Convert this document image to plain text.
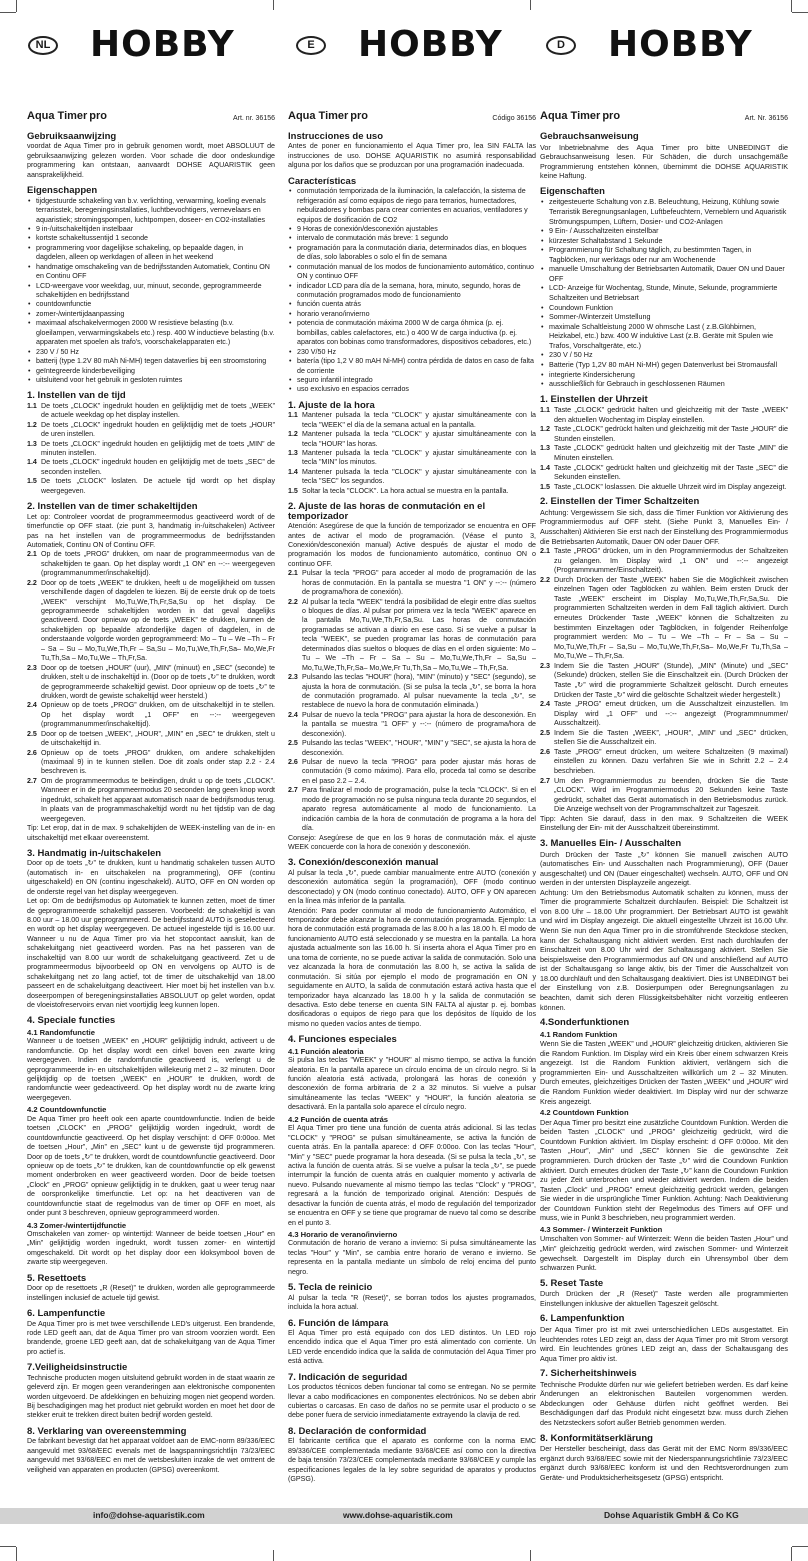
NL HOBBY	E	HOBBY	D	HOBBY
Aqua Timer pro	Art. nr. 36156
Gebruiksaanwijzing

voordat de Aqua Timer pro in gebruik genomen wordt, moet ABSOLUUT de gebruiksaanwijzing gelezen worden. Voor schade die door ondeskundige programmering kan ontstaan, aanvaardt DOHSE AQUARISTIK geen aansprakelijkheid.

Eigenschappen
• tijdgestuurde schakeling van b.v. verlichting, verwarming, koeling evenals terrarisstek, beregeningsinstallaties, luchtbevochtigers, vernevelaars en aquaristiek; stromingspompen, luchtpompen, doseer- en CO2-installaties
• 9 in-/uitschakeltijden instelbaar
• kortste schakeltussentijd 1 seconde
• programmering voor dagelijkse schakeling, op bepaalde dagen, in dagdelen, alleen op werkdagen of alleen in het weekend
• handmatige omschakeling van de bedrijfsstanden Automatiek, Continu ON en Continu OFF
• LCD-weergave voor weekdag, uur, minuut, seconde, geprogrammeerde schakeltijden en bedrijfsstand
• countdownfunctie
• zomer-/wintertijdaanpassing
• maximaal afschakelvermogen 2000 W resistieve belasting (b.v. gloeilampen, verwarmingskabels etc.) resp. 400 W inductieve belasting (b.v. apparaten met spoelen als trafo's, voorschakelapparaten etc.)
• 230 V / 50 Hz
• batterij (type 1.2V 80 mAh Ni-MH) tegen dataverlies bij een stroomstoring
• geïntegreerde kinderbeveiliging
• uitsluitend voor het gebruik in gesloten ruimtes
1. Instellen van de tijd
1.1 De toets „CLOCK” ingedrukt houden en gelijktijdig met de toets „WEEK” de actuele weekdag op het display instellen.
1.2 De toets „CLOCK” ingedrukt houden en gelijktijdig met de toets „HOUR” de uren instellen.
1.3 De toets „CLOCK” ingedrukt houden en gelijktijdig met de toets „MIN” de minuten instellen.
1.4 De toets „CLOCK” ingedrukt houden en gelijktijdig met de toets „SEC” de seconden instellen.
1.5 De toets „CLOCK” loslaten. De actuele tijd wordt op het display weergegeven.
2. Instellen van de timer schakeltijden

Let op: Controleer voordat de programmeermodus geactiveerd wordt of de timerfunctie op OFF staat. (zie punt 3, handmatig in-/uitschakelen) Activeer pas na het instellen van de programmeermodus de bedrijfsstanden Automatiek, Continu ON of Continu OFF.

2.1 Op de toets „PROG” drukken, om naar de programmeermodus van de schakeltijden te gaan. Op het display wordt „1 ON” en --:-- weergegeven (programmanummer/inschakeltijd).
2.2 Door op de toets „WEEK” te drukken, heeft u de mogelijkheid om tussen verschillende dagen of dagdelen te kiezen. Bij de eerste druk op de toets „WEEK” verschijnt Mo,Tu,We,Th,Fr,Sa,Su op het display. De geprogrammeerde schakeltijden worden in dat geval dagelijks geactiveerd. Door opnieuw op de toets „WEEK” te drukken, kunnen de schakeltijden op bepaalde afzonderlijke dagen of dagdelen, in de onderstaande volgorde worden geprogrammeerd: Mo – Tu – We –Th – Fr – Sa – Su – Mo,Tu,We,Th,Fr – Sa,Su – Mo,Tu,We,Th,Fr,Sa– Mo,We,Fr Tu,Th,Sa – Mo,Tu,We – Th,Fr,Sa.
2.3 Door op de toetsen „HOUR” (uur), „MIN” (minuut) en „SEC” (seconde) te drukken, stelt u de inschakeltijd in. (Door op de toets „↻” te drukken, wordt de geprogrammeerde schakeltijd gewist. Door opnieuw op de toets „↻” te drukken, wordt de gewiste schakeltijd weer hersteld.)
2.4 Opnieuw op de toets „PROG” drukken, om de uitschakeltijd in te stellen. Op het display wordt „1 OFF” en --:-- weergegeven (programmanummer/inschakeltijd).
2.5 Door op de toetsen „WEEK”, „HOUR”, „MIN” en „SEC” te drukken, stelt u de uitschakeltijd in.
2.6 Opnieuw op de toets „PROG” drukken, om andere schakeltijden (maximaal 9) in te kunnen stellen. Doe dit zoals onder stap 2.2 - 2.4 beschreven is.
2.7 Om de programmeermodus te beëindigen, drukt u op de toets „CLOCK”. Wanneer er in de programmeermodus 20 seconden lang geen knop wordt ingedrukt, schakelt het apparaat automatisch naar de bedrijfsmodus terug. In plaats van de programmaschakeltijd wordt nu het tijdstip van de dag weergegeven.

Tip: Let erop, dat in de max. 9 schakeltijden de WEEK-instelling van de in- en uitschakeltijd met elkaar overeenstemt.

3. Handmatig in-/uitschakelen

Door op de toets „↻” te drukken, kunt u handmatig schakelen tussen AUTO (automatisch in- en uitschakelen na programmering), OFF (continu uitgeschakeld) en ON (continu ingeschakeld). AUTO, OFF en ON worden op de onderste regel van het display weergegeven.

Let op: Om de bedrijfsmodus op Automatiek te kunnen zetten, moet de timer de geprogrammeerde schakeltijd passeren. Voorbeeld: de schakeltijd is van 8.00 uur – 18.00 uur geprogrammeerd. De bedrijfsstand AUTO is geselecteerd en wordt op het display weergegeven. De actueel ingestelde tijd is 16.00 uur. Wanneer u nu de Aqua Timer pro via het stopcontact aansluit, kan de schakeluitgang niet geactiveerd worden. Pas na het passeren van de inschakeltijd van 8.00 uur wordt de schakeluitgang geactiveerd. Zet u de programmeermodus bijvoorbeeld op ON en vervolgens op AUTO is de schakeluitgang net zo lang actief, tot de timer de uitschakeltijd van 18.00 passeert en de schakeluitgang deactiveert. Hier moet bij het instellen van b.v. doseerpompen of beregeningsinstallaties ABSOLUUT op gelet worden, opdat de vloeistofreservoirs ervan niet voortijdig leeg kunnen lopen.

4. Speciale functies
4.1 Randomfunctie

Wanneer u de toetsen „WEEK” en „HOUR” gelijktijdig indrukt, activeert u de randomfunctie. Op het display wordt een cirkel boven een zwarte kring weergegeven. Indien de randomfunctie geactiveerd is, verlengt u de geprogrammeerde in- en uitschakeltijden willekeurig met 2 – 32 minuten. Door gelijktijdig op de toetsen „WEEK” en „HOUR” te drukken, wordt de randomfunctie weer gedeactiveerd. Op het display wordt nu de zwarte kring weergegeven.

4.2 Countdownfunctie

De Aqua Timer pro heeft ook een aparte countdownfunctie. Indien de beide toetsen „CLOCK” en „PROG” gelijktijdig worden ingedrukt, wordt de countdownfunctie geactiveerd. Op het display verschijnt: d OFF 0:00oo. Met de toetsen „Hour”, „Min” en „SEC” kunt u de gewenste tijd programmeren. Door op de toets „↻” te drukken, wordt de countdownfunctie geactiveerd. Door opnieuw op de toets „↻” te drukken, kan de countdownfunctie op elk gewenst moment onderbroken en weer geactiveerd worden. Door de beide toetsen „Clock” en „PROG” opnieuw gelijktijdig in te drukken, gaat u weer terug naar de oorspronkelijke timerfunctie. Let op: na het deactiveren van de countdownfunctie staat de regelmodus van de timer op OFF en moet, als onder punt 3 beschreven, opnieuw geprogrammeerd worden.

4.3 Zomer-/wintertijdfunctie

Omschakelen van zomer- op wintertijd: Wanneer de beide toetsen „Hour” en „Min” gelijktijdig worden ingedrukt, wordt tussen zomer- en wintertijd omgeschakeld. Dit wordt op het display door een kloksymbool boven de zwarte stip weergegeven.

5. Resettoets

Door op de resettoets „R (Reset)” te drukken, worden alle geprogrammeerde instellingen inclusief de actuele tijd gewist.

6. Lampenfunctie

De Aqua Timer pro is met twee verschillende LED's uitgerust. Een brandende, rode LED geeft aan, dat de Aqua Timer pro van stroom voorzien wordt. Een brandende, groene LED geeft aan, dat de schakeluitgang van de Aqua Timer pro actief is.

7.Veiligheidsinstructie

Technische producten mogen uitsluitend gebruikt worden in de staat waarin ze geleverd zijn. Er mogen geen veranderingen aan elektronische componenten worden uitgevoerd. De afdekkingen en behuizing mogen niet geopend worden. Bij beschadigingen mag het product niet gebruikt worden en moet het door de stekker eruit te trekken direct buiten bedrijf worden gesteld.

8. Verklaring van overeenstemming

De fabrikant bevestigt dat het apparaat voldoet aan de EMC-norm 89/336/EEC aangevuld met 93/68/EEC evenals met de laagspanningsrichtlijn 73/23/EEC aangevuld met 93/68/EEC en met de wetsbesluiten inzake de wet omtrent de veiligheid van apparaten en producten (GPSG) overeenkomt.

Aqua Timer pro	Código 36156
Instrucciones de uso

Antes de poner en funcionamiento el Aqua Timer pro, lea SIN FALTA las instrucciones de uso. DOHSE AQUARISTIK no asumirá responsabilidad alguna por los daños que se produzcan por una programación inadecuada.

Características
• conmutación temporizada de la iluminación, la calefacción, la sistema de refrigeración así como equipos de riego para terrarios, humectadores, nebulizadores y bombas para crear corrientes en acuarios, ventiladores y equipos de dosificación de CO2
• 9 Horas de conexión/desconexión ajustables
• intervalo de conmutación más breve: 1 segundo
• programación para la conmutación diaria, determinados días, en bloques de días, solo laborables o solo el fin de semana
• conmutación manual de los modos de funcionamiento automático, continuo ON y continuo OFF
• indicador LCD para día de la semana, hora, minuto, segundo, horas de conmutación programados modo de funcionamiento
• función cuenta atrás
• horario verano/invierno
• potencia de conmutación máxima 2000 W de carga óhmica (p. ej. bombillas, cables calefactores, etc.) o 400 W de carga inductiva (p. ej. aparatos con bobinas como transformadores, dispositivos cebadores, etc.)
• 230 V/50 Hz
• batería (tipo 1,2 V 80 mAH Ni-MH) contra pérdida de datos en caso de falta de corriente
• seguro infantil integrado
• uso exclusivo en espacios cerrados
1. Ajuste de la hora
1.1 Mantener pulsada la tecla "CLOCK" y ajustar simultáneamente con la tecla "WEEK" el día de la semana actual en la pantalla.
1.2 Mantener pulsada la tecla "CLOCK" y ajustar simultáneamente con la tecla "HOUR" las horas.
1.3 Mantener pulsada la tecla "CLOCK" y ajustar simultáneamente con la tecla "MIN" los minutos.
1.4 Mantener pulsada la tecla "CLOCK" y ajustar simultáneamente con la tecla "SEC" los segundos.
1.5 Soltar la tecla "CLOCK". La hora actual se muestra en la pantalla.
2. Ajuste de las horas de conmutación en el temporizador

Atención: Asegúrese de que la función de temporizador se encuentra en OFF antes de activar el modo de programación. (Véase el punto 3, Conexión/desconexión manual) Active después de ajustar el modo de programación los modos de funcionamiento automático, continuo ON o continuo OFF.

2.1 Pulsar la tecla "PROG" para acceder al modo de programación de las horas de conmutación. En la pantalla se muestra "1 ON" y --:-- (número de programa/hora de conexión).
2.2 Al pulsar la tecla "WEEK" tendrá la posibilidad de elegir entre días sueltos o bloques de días. Al pulsar por primera vez la tecla "WEEK" aparece en la pantalla Mo,Tu,We,Th,Fr,Sa,Su. Las horas de conmutación programadas se activan a diario en ese caso. Si se vuelve a pulsar la tecla "WEEK", se pueden programar las horas de conmutación para determinados días sueltos o bloques de días en el orden siguiente: Mo – Tu – We –Th – Fr – Sa – Su – Mo,Tu,We,Th,Fr – Sa,Su – Mo,Tu,We,Th,Fr,Sa– Mo,We,Fr Tu,Th,Sa – Mo,Tu,We – Th,Fr,Sa.
2.3 Pulsando las teclas "HOUR" (hora), "MIN" (minuto) y "SEC" (segundo), se ajusta la hora de conmutación. (Si se pulsa la tecla „↻”, se borra la hora de conmutación programado. Al pulsar nuevamente la tecla „↻”, se restablece de nuevo la hora de conmutación eliminada.)
2.4 Pulsar de nuevo la tecla "PROG" para ajustar la hora de desconexión. En la pantalla se muestra "1 OFF" y --:-- (número de programa/hora de desconexión).
2.5 Pulsando las teclas "WEEK", "HOUR", "MIN" y "SEC", se ajusta la hora de desconexión.
2.6 Pulsar de nuevo la tecla "PROG" para poder ajustar más horas de conmutación (9 como máximo). Para ello, proceda tal como se describe en el paso 2.2 – 2.4.
2.7 Para finalizar el modo de programación, pulse la tecla "CLOCK". Si en el modo de programación no se pulsa ninguna tecla durante 20 segundos, el aparato regresa automáticamente al modo de funcionamiento. La indicación cambia de la hora de conmutación de programa a la hora del día.

Consejo: Asegúrese de que en los 9 horas de conmutación máx. el ajuste WEEK concuerde con la hora de conexión y desconexión.

3. Conexión/desconexión manual

Al pulsar la tecla „↻”, puede cambiar manualmente entre AUTO (conexión y desconexión automática según la programación), OFF (modo continuo desconectado) y ON (modo continuo conectado). AUTO, OFF y ON aparecen en la línea más inferior de la pantalla.

Atención: Para poder conmutar al modo de funcionamiento Automático, el temporizador debe alcanzar la hora de conmutación programada. Ejemplo: La hora de conmutación está programada de las 8.00 h a las 18.00 h. El modo de funcionamiento AUTO está seleccionado y se muestra en la pantalla. La hora ajustada actualmente son las 16.00 h. Si inserta ahora el Aqua Timer pro en una toma de corriente, no se puede activar la salida de conmutación. Solo una vez alcanzada la hora de conmutación las 8.00 h, se activa la salida de conmutación. Si sitúa por ejemplo el modo de programación en ON y seguidamente en AUTO, la salida de conmutación estará activa hasta que el temporizador haya alcanzado las 18.00 h y la salida de conmutación se desactiva. Esto debe tenerse en cuenta SIN FALTA al ajustar p. ej. bombas dosificadoras o equipos de riego para que los depósitos de líquido de los mismo no queden vacíos antes de tiempo.

4. Funciones especiales
4.1 Función aleatoria

Si pulsa las teclas "WEEK" y "HOUR" al mismo tiempo, se activa la función aleatoria. En la pantalla aparece un círculo encima de un círculo negro. Si la función aleatoria está activada, prolongará las horas de conexión y desconexión de forma arbitraria de 2 a 32 minutos. Si vuelve a pulsar simultáneamente las teclas "WEEK" y "HOUR", la función aleatoria se desactivará. En la pantalla solo aparece el círculo negro.

4.2 Función de cuenta atrás

El Aqua Timer pro tiene una función de cuenta atrás adicional. Si las teclas "CLOCK" y "PROG" se pulsan simultáneamente, se activa la función de cuenta atrás. En la pantalla aparece: d OFF 0:00oo. Con las teclas "Hour", "Min" y "SEC" puede programar la hora deseada. (Si se pulsa la tecla „↻”, se activa la función de cuenta atrás. Si se vuelve a pulsar la tecla „↻”, se puede interrumpir la función de cuenta atrás en cualquier momento y activarla de nuevo. Pulsando nuevamente al mismo tiempo las teclas "Clock" y "PROG", regresará a la función de temporizado original. Atención: Después de desactivar la función de cuenta atrás, el modo de regulación del temporizador se encuentra en OFF y se tiene que programar de nuevo tal como se describe en el punto 3.

4.3 Horario de verano/invierno

Conmutación de horario de verano a invierno: Si pulsa simultáneamente las teclas "Hour" y "Min", se cambia entre horario de verano e invierno. Se representa en la pantalla mediante un símbolo de reloj encima del punto negro.

5. Tecla de reinicio

Al pulsar la tecla "R (Reset)", se borran todos los ajustes programados, incluida la hora actual.

6. Función de lámpara

El Aqua Timer pro está equipado con dos LED distintos. Un LED rojo encendido indica que el Aqua Timer pro está alimentado con corriente. Un LED verde encendido indica que la salida de conmutación del Aqua Timer pro está activa.

7. Indicación de seguridad

Los productos técnicos deben funcionar tal como se entregan. No se permite llevar a cabo modificaciones en componentes electrónicos. No se deben abrir cubiertas o carcasas. En caso de daños no se permite usar el producto o se debe poner fuera de servicio inmediatamente extrayendo la clavija de red.

8. Declaración de conformidad

El fabricante certifica que el aparato es conforme con la norma EMC 89/336/CEE complementada mediante 93/68/CEE así como con la directiva de baja tensión 73/23/CEE complementada mediante 93/68/CEE y cumple las especificaciones legales de la ley sobre seguridad de aparatos y productos (GPSG).

Aqua Timer pro	Art. Nr. 36156
Gebrauchsanweisung

Vor Inbetriebnahme des Aqua Timer pro bitte UNBEDINGT die Gebrauchsanweisung lesen. Für Schäden, die durch unsachgemäße Programmierung entstehen können, übernimmt die DOHSE AQUARISTIK keine Haftung.

Eigenschaften
• zeitgesteuerte Schaltung von z.B. Beleuchtung, Heizung, Kühlung sowie Terraristik Beregnungsanlagen, Luftbefeuchtern, Verneblern und Aquaristik Strömungspumpen, Lüftern, Dosier- und CO2-Anlagen
• 9 Ein- / Ausschaltzeiten einstellbar
• kürzester Schaltabstand 1 Sekunde
• Programmierung für Schaltung täglich, zu bestimmten Tagen, in Tagblöcken, nur werktags oder nur am Wochenende
• manuelle Umschaltung der Betriebsarten Automatik, Dauer ON und Dauer OFF
• LCD- Anzeige für Wochentag, Stunde, Minute, Sekunde, programmierte Schaltzeiten und Betriebsart
• Coundown Funktion
• Sommer-/Winterzeit Umstellung
• maximale Schaltleistung 2000 W ohmsche Last ( z.B.Glühbirnen, Heizkabel, etc.) bzw. 400 W induktive Last (z.B. Geräte mit Spulen wie Trafos, Vorschaltgeräte, etc.)
• 230 V / 50 Hz
• Batterie (Typ 1,2V 80 mAH Ni-MH) gegen Datenverlust bei Stromausfall
• integrierte Kindersicherung
• ausschließlich für Gebrauch in geschlossenen Räumen
1. Einstellen der Uhrzeit
1.1 Taste „CLOCK” gedrückt halten und gleichzeitig mit der Taste „WEEK” den aktuellen Wochentag im Display einstellen.
1.2 Taste „CLOCK” gedrückt halten und gleichzeitig mit der Taste „HOUR” die Stunden einstellen.
1.3 Taste „CLOCK” gedrückt halten und gleichzeitig mit der Taste „MIN” die Minuten einstellen.
1.4 Taste „CLOCK” gedrückt halten und gleichzeitig mit der Taste „SEC” die Sekunden einstellen.
1.5 Taste „CLOCK” loslassen. Die aktuelle Uhrzeit wird im Display angezeigt.
2. Einstellen der Timer Schaltzeiten

Achtung: Vergewissern Sie sich, dass die Timer Funktion vor Aktivierung des Programmiermodus auf OFF steht. (Siehe Punkt 3, Manuelles Ein- / Ausschalten) Aktivieren Sie erst nach der Einstellung des Programmiermodus die Betriebsarten Automatik, Dauer ON oder Dauer OFF.

2.1 Taste „PROG” drücken, um in den Programmiermodus der Schaltzeiten zu gelangen. Im Display wird „1 ON” und --:-- angezeigt (Programmnummer/Einschaltzeit).
2.2 Durch Drücken der Taste „WEEK” haben Sie die Möglichkeit zwischen einzelnen Tagen oder Tagblöcken zu wählen. Beim ersten Druck der Taste „WEEK” erscheint im Display Mo,Tu,We,Th,Fr,Sa,Su. Die programmierten Schaltzeiten werden in dem Fall täglich aktiviert. Durch erneutes Drückender Taste „WEEK” können die Schaltzeiten zu bestimmten Einzeltagen oder Tagblöcken, in folgender Reihenfolge programmiert werden: Mo – Tu – We –Th – Fr – Sa – Su – Mo,Tu,We,Th,Fr – Sa,Su – Mo,Tu,We,Th,Fr,Sa– Mo,We,Fr Tu,Th,Sa – Mo,Tu,We – Th,Fr,Sa.
2.3 Indem Sie die Tasten „HOUR” (Stunde), „MIN” (Minute) und „SEC” (Sekunde) drücken, stellen Sie die Einschaltzeit ein. (Durch Drücken der Taste „↻” wird die programmierte Schaltzeit gelöscht. Durch erneutes Drücken der Taste „↻” wird die gelöschte Schaltzeit wieder hergestellt.)
2.4 Taste „PROG” erneut drücken, um die Ausschaltzeit einzustellen. Im Display wird „1 OFF” und --:-- angezeigt (Programmnummer/ Ausschaltzeit).
2.5 Indem Sie die Tasten „WEEK”, „HOUR”, „MIN” und „SEC” drücken, stellen Sie die Ausschaltzeit ein.
2.6 Taste „PROG” erneut drücken, um weitere Schaltzeiten (9 maximal) einstellen zu können. Dazu verfahren Sie wie in Schritt 2.2 – 2.4 beschrieben.
2.7 Um den Programmiermodus zu beenden, drücken Sie die Taste „CLOCK”. Wird im Programmiermodus 20 Sekunden keine Taste gedrückt, schaltet das Gerät automatisch in den Betriebsmodus zurück. Die Anzeige wechselt von der Programmschaltzeit zur Tageszeit.

Tipp: Achten Sie darauf, dass in den max. 9 Schaltzeiten die WEEK Einstellung der Ein- mit der Ausschaltzeit übereinstimmt.

3. Manuelles Ein- / Ausschalten

Durch Drücken der Taste „↻” können Sie manuell zwischen AUTO (automatisches Ein- und Ausschalten nach Programmierung), OFF (Dauer ausgeschaltet) und ON (Dauer eingeschaltet) wechseln. AUTO, OFF und ON werden in der untersten Displayzeile angezeigt.

Achtung: Um den Betriebsmodus Automatik schalten zu können, muss der Timer die programmierte Schaltzeit durchlaufen. Beispiel: Die Schaltzeit ist von 8.00 Uhr – 18.00 Uhr programmiert. Der Betriebsart AUTO ist gewählt und wird im Display angezeigt. Die aktuell eingestellte Uhrzeit ist 16.00 Uhr. Wenn Sie nun den Aqua Timer pro in die stromführende Steckdose stecken, kann der Schaltausgang nicht aktiviert werden. Erst nach durchlaufen der Einschaltzeit von 8.00 Uhr wird der Schaltausgang aktiviert. Stellen Sie beispielsweise den Programmiermodus auf ON und anschließend auf AUTO ist der Schaltausgang so lange aktiv, bis der Timer die Ausschaltzeit von 18.00 durchläuft und den Schaltausgang deaktiviert. Dies ist UNBEDINGT bei der Einstellung von z.B. Dosierpumpen oder Beregnungsanlagen zu beachten, damit sich deren Flüssigkeitsbehälter nicht vorzeitig entleeren können.

4.Sonderfunktionen
4.1 Random Funktion

Wenn Sie die Tasten „WEEK” und „HOUR” gleichzeitig drücken, aktivieren Sie die Random Funktion. Im Display wird ein Kreis über einem schwarzen Kreis angezeigt. Ist die Random Funktion aktiviert, verlängern sich die programmierten Ein- und Ausschaltzeiten willkürlich um 2 – 32 Minuten. Durch erneutes, gleichzeitiges Drücken der Tasten „WEEK” und „HOUR” wird die Random Funktion wieder deaktiviert. Im Display wird nur der schwarze Kreis angezeigt.

4.2 Countdown Funktion

Der Aqua Timer pro besitzt eine zusätzliche Countdown Funktion. Werden die beiden Tasten „CLOCK” und „PROG” gleichzeitig gedrückt, wird die Countdown Funktion aktiviert. Im Display erscheint: d OFF 0:00oo. Mit den Tasten „Hour”, „Min” und „SEC” können Sie die gewünschte Zeit programmieren. Durch drücken der Taste „↻” wird die Coundown Funktion aktiviert. Durch erneutes drücken der Taste „↻” kann die Coundown Funktion zu jeder Zeit unterbrochen und wieder aktiviert werden. Indem die beiden Tasten „Clock” und „PROG” erneut gleichzeitig gedrückt werden, gelangen Sie wieder in die ursprüngliche Timer Funktion. Achtung: Nach Deaktivierung der Countdown Funktion steht der Regelmodus des Timers auf OFF und muss, wie in Punkt 3 beschrieben, neu programmiert werden.

4.3 Sommer- / Winterzeit Funktion

Umschalten von Sommer- auf Winterzeit: Wenn die beiden Tasten „Hour” und „Min” gleichzeitig gedrückt werden, wird zwischen Sommer- und Winterzeit gewechselt. Dargestellt im Display durch ein Uhrensymbol über dem schwarzen Punkt.

5. Reset Taste

Durch Drücken der „R (Reset)” Taste werden alle programmierten Einstellungen inklusive der aktuellen Tageszeit gelöscht.

6. Lampenfunktion

Der Aqua Timer pro ist mit zwei unterschiedlichen LEDs ausgestattet. Ein leuchtendes rotes LED zeigt an, dass der Aqua Timer pro mit Strom versorgt wird. Ein leuchtendes grünes LED zeigt an, dass der Schaltausgang des Aqua Timer pro aktiv ist.

7. Sicherheitshinweis

Technische Produkte dürfen nur wie geliefert betrieben werden. Es darf keine Änderungen an elektronischen Bauteilen vorgenommen werden. Abdeckungen oder Gehäuse dürfen nicht geöffnet werden. Bei Beschädigungen darf das Produkt nicht eingesetzt bzw. muss durch Ziehen des Netzsteckers sofort außer Betrieb genommen werden.

8. Konformitätserklärung

Der Hersteller bescheinigt, dass das Gerät mit der EMC Norm 89/336/EEC ergänzt durch 93/68/EEC sowie mit der Niederspannungsrichtlinie 73/23/EEC ergänzt durch 93/68/EEC konform ist und den Rechtsverordnungen zum Geräte- und Produktsicherheitsgesetz (GPSG) entspricht.

info@dohse-aquaristik.com	www.dohse-aquaristik.com	Dohse Aquaristik GmbH & Co KG
